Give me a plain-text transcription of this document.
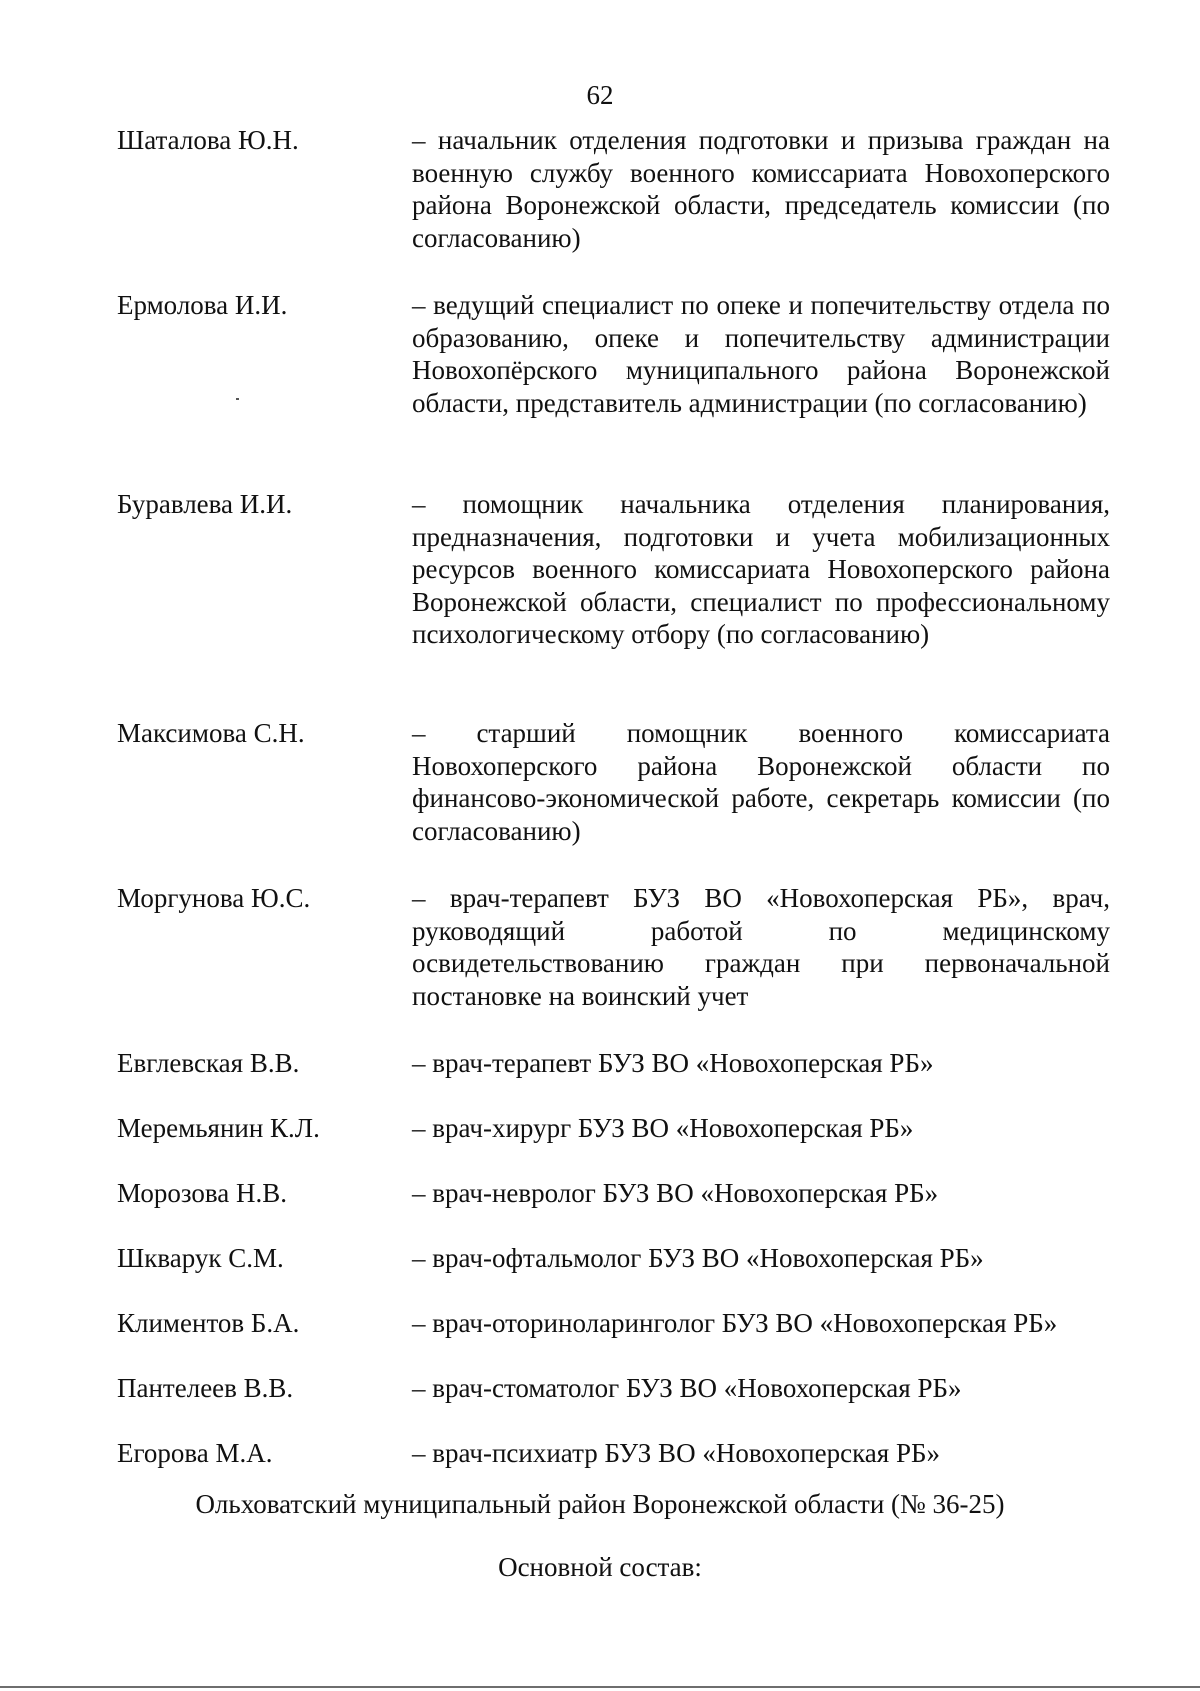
62
Шаталова Ю.Н.	– начальник отделения подготовки и призыва граждан на военную службу военного комиссариата Новохоперского района Воронежской области, председатель комиссии (по согласованию)
Ермолова И.И.	– ведущий специалист по опеке и попечительству отдела по образованию, опеке и попечительству администрации Новохопёрского муниципального района Воронежской области, представитель администрации (по согласованию)
Буравлева И.И.	– помощник начальника отделения планирования, предназначения, подготовки и учета мобилизационных ресурсов военного комиссариата Новохоперского района Воронежской области, специалист по профессиональному психологическому отбору (по согласованию)
Максимова С.Н.	– старший помощник военного комиссариата Новохоперского района Воронежской области по финансово-экономической работе, секретарь комиссии (по согласованию)
Моргунова Ю.С.	– врач-терапевт БУЗ ВО «Новохоперская РБ», врач, руководящий работой по медицинскому освидетельствованию граждан при первоначальной постановке на воинский учет
Евглевская В.В.	– врач-терапевт БУЗ ВО «Новохоперская РБ»
Меремьянин К.Л.	– врач-хирург БУЗ ВО «Новохоперская РБ»
Морозова Н.В.	– врач-невролог БУЗ ВО «Новохоперская РБ»
Шкварук С.М.	– врач-офтальмолог БУЗ ВО «Новохоперская РБ»
Климентов Б.А.	– врач-оториноларинголог БУЗ ВО «Новохоперская РБ»
Пантелеев В.В.	– врач-стоматолог БУЗ ВО «Новохоперская РБ»
Егорова М.А.	– врач-психиатр БУЗ ВО «Новохоперская РБ»
Ольховатский муниципальный район Воронежской области (№ 36-25)
Основной состав:
